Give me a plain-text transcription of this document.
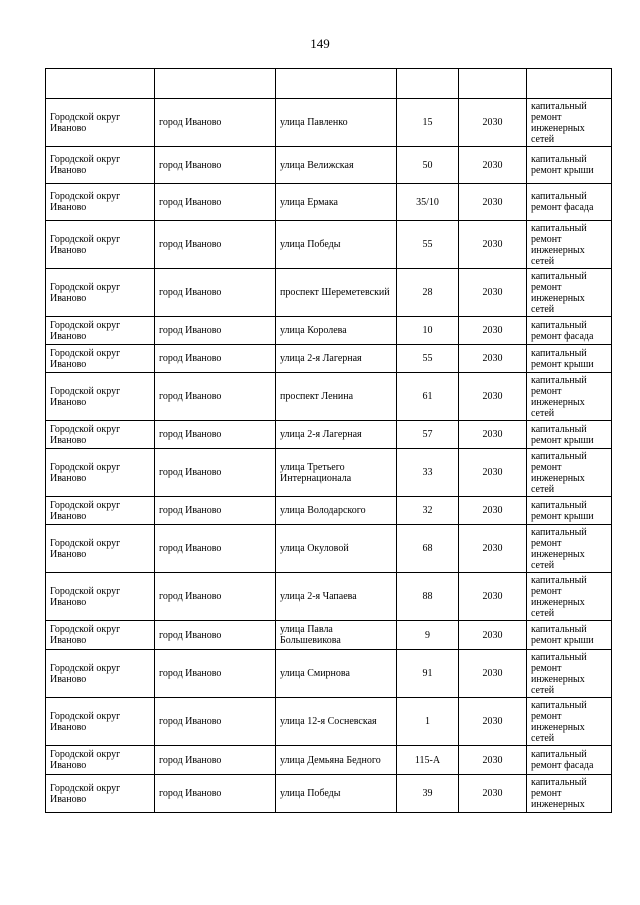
149

Городской округ Иваново	город Иваново	улица Павленко	15	2030	капитальный ремонт инженерных сетей
Городской округ Иваново	город Иваново	улица Велижская	50	2030	капитальный ремонт крыши
Городской округ Иваново	город Иваново	улица Ермака	35/10	2030	капитальный ремонт фасада
Городской округ Иваново	город Иваново	улица Победы	55	2030	капитальный ремонт инженерных сетей
Городской округ Иваново	город Иваново	проспект Шереметевский	28	2030	капитальный ремонт инженерных сетей
Городской округ Иваново	город Иваново	улица Королева	10	2030	капитальный ремонт фасада
Городской округ Иваново	город Иваново	улица 2-я Лагерная	55	2030	капитальный ремонт крыши
Городской округ Иваново	город Иваново	проспект Ленина	61	2030	капитальный ремонт инженерных сетей
Городской округ Иваново	город Иваново	улица 2-я Лагерная	57	2030	капитальный ремонт крыши
Городской округ Иваново	город Иваново	улица Третьего Интернационала	33	2030	капитальный ремонт инженерных сетей
Городской округ Иваново	город Иваново	улица Володарского	32	2030	капитальный ремонт крыши
Городской округ Иваново	город Иваново	улица Окуловой	68	2030	капитальный ремонт инженерных сетей
Городской округ Иваново	город Иваново	улица 2-я Чапаева	88	2030	капитальный ремонт инженерных сетей
Городской округ Иваново	город Иваново	улица Павла Большевикова	9	2030	капитальный ремонт крыши
Городской округ Иваново	город Иваново	улица Смирнова	91	2030	капитальный ремонт инженерных сетей
Городской округ Иваново	город Иваново	улица 12-я Сосневская	1	2030	капитальный ремонт инженерных сетей
Городской округ Иваново	город Иваново	улица Демьяна Бедного	115-А	2030	капитальный ремонт фасада
Городской округ Иваново	город Иваново	улица Победы	39	2030	капитальный ремонт инженерных
